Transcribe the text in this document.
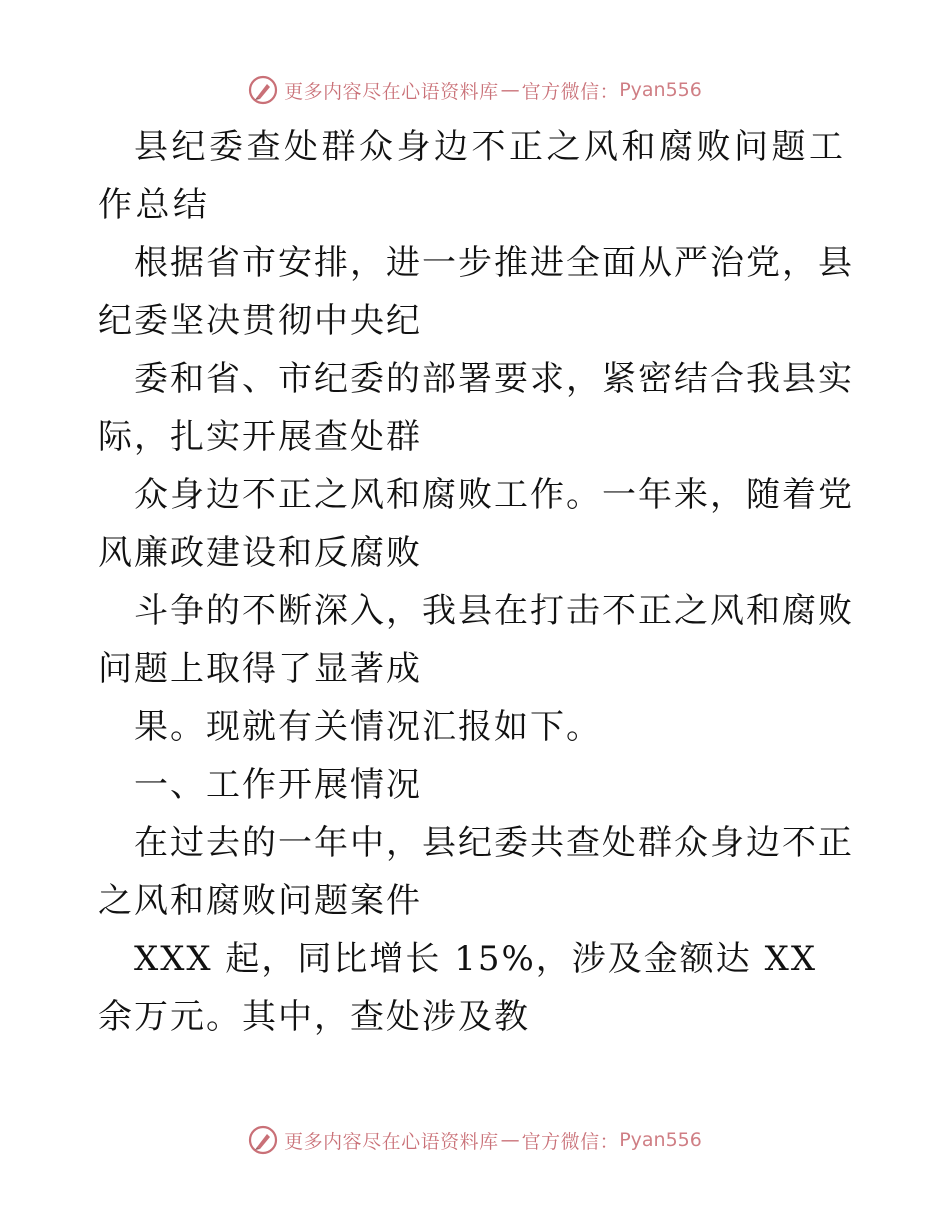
更多内容尽在心语资料库 — 官方微信： Pyan556

县纪委查处群众身边不正之风和腐败问题工作总结

根据省市安排，进一步推进全面从严治党，县纪委坚决贯彻中央纪

委和省、市纪委的部署要求，紧密结合我县实际，扎实开展查处群

众身边不正之风和腐败工作。一年来，随着党风廉政建设和反腐败

斗争的不断深入，我县在打击不正之风和腐败问题上取得了显著成

果。现就有关情况汇报如下。

一、工作开展情况

在过去的一年中，县纪委共查处群众身边不正之风和腐败问题案件

XXX 起，同比增长 15%，涉及金额达 XX 余万元。其中，查处涉及教

更多内容尽在心语资料库 — 官方微信： Pyan556
